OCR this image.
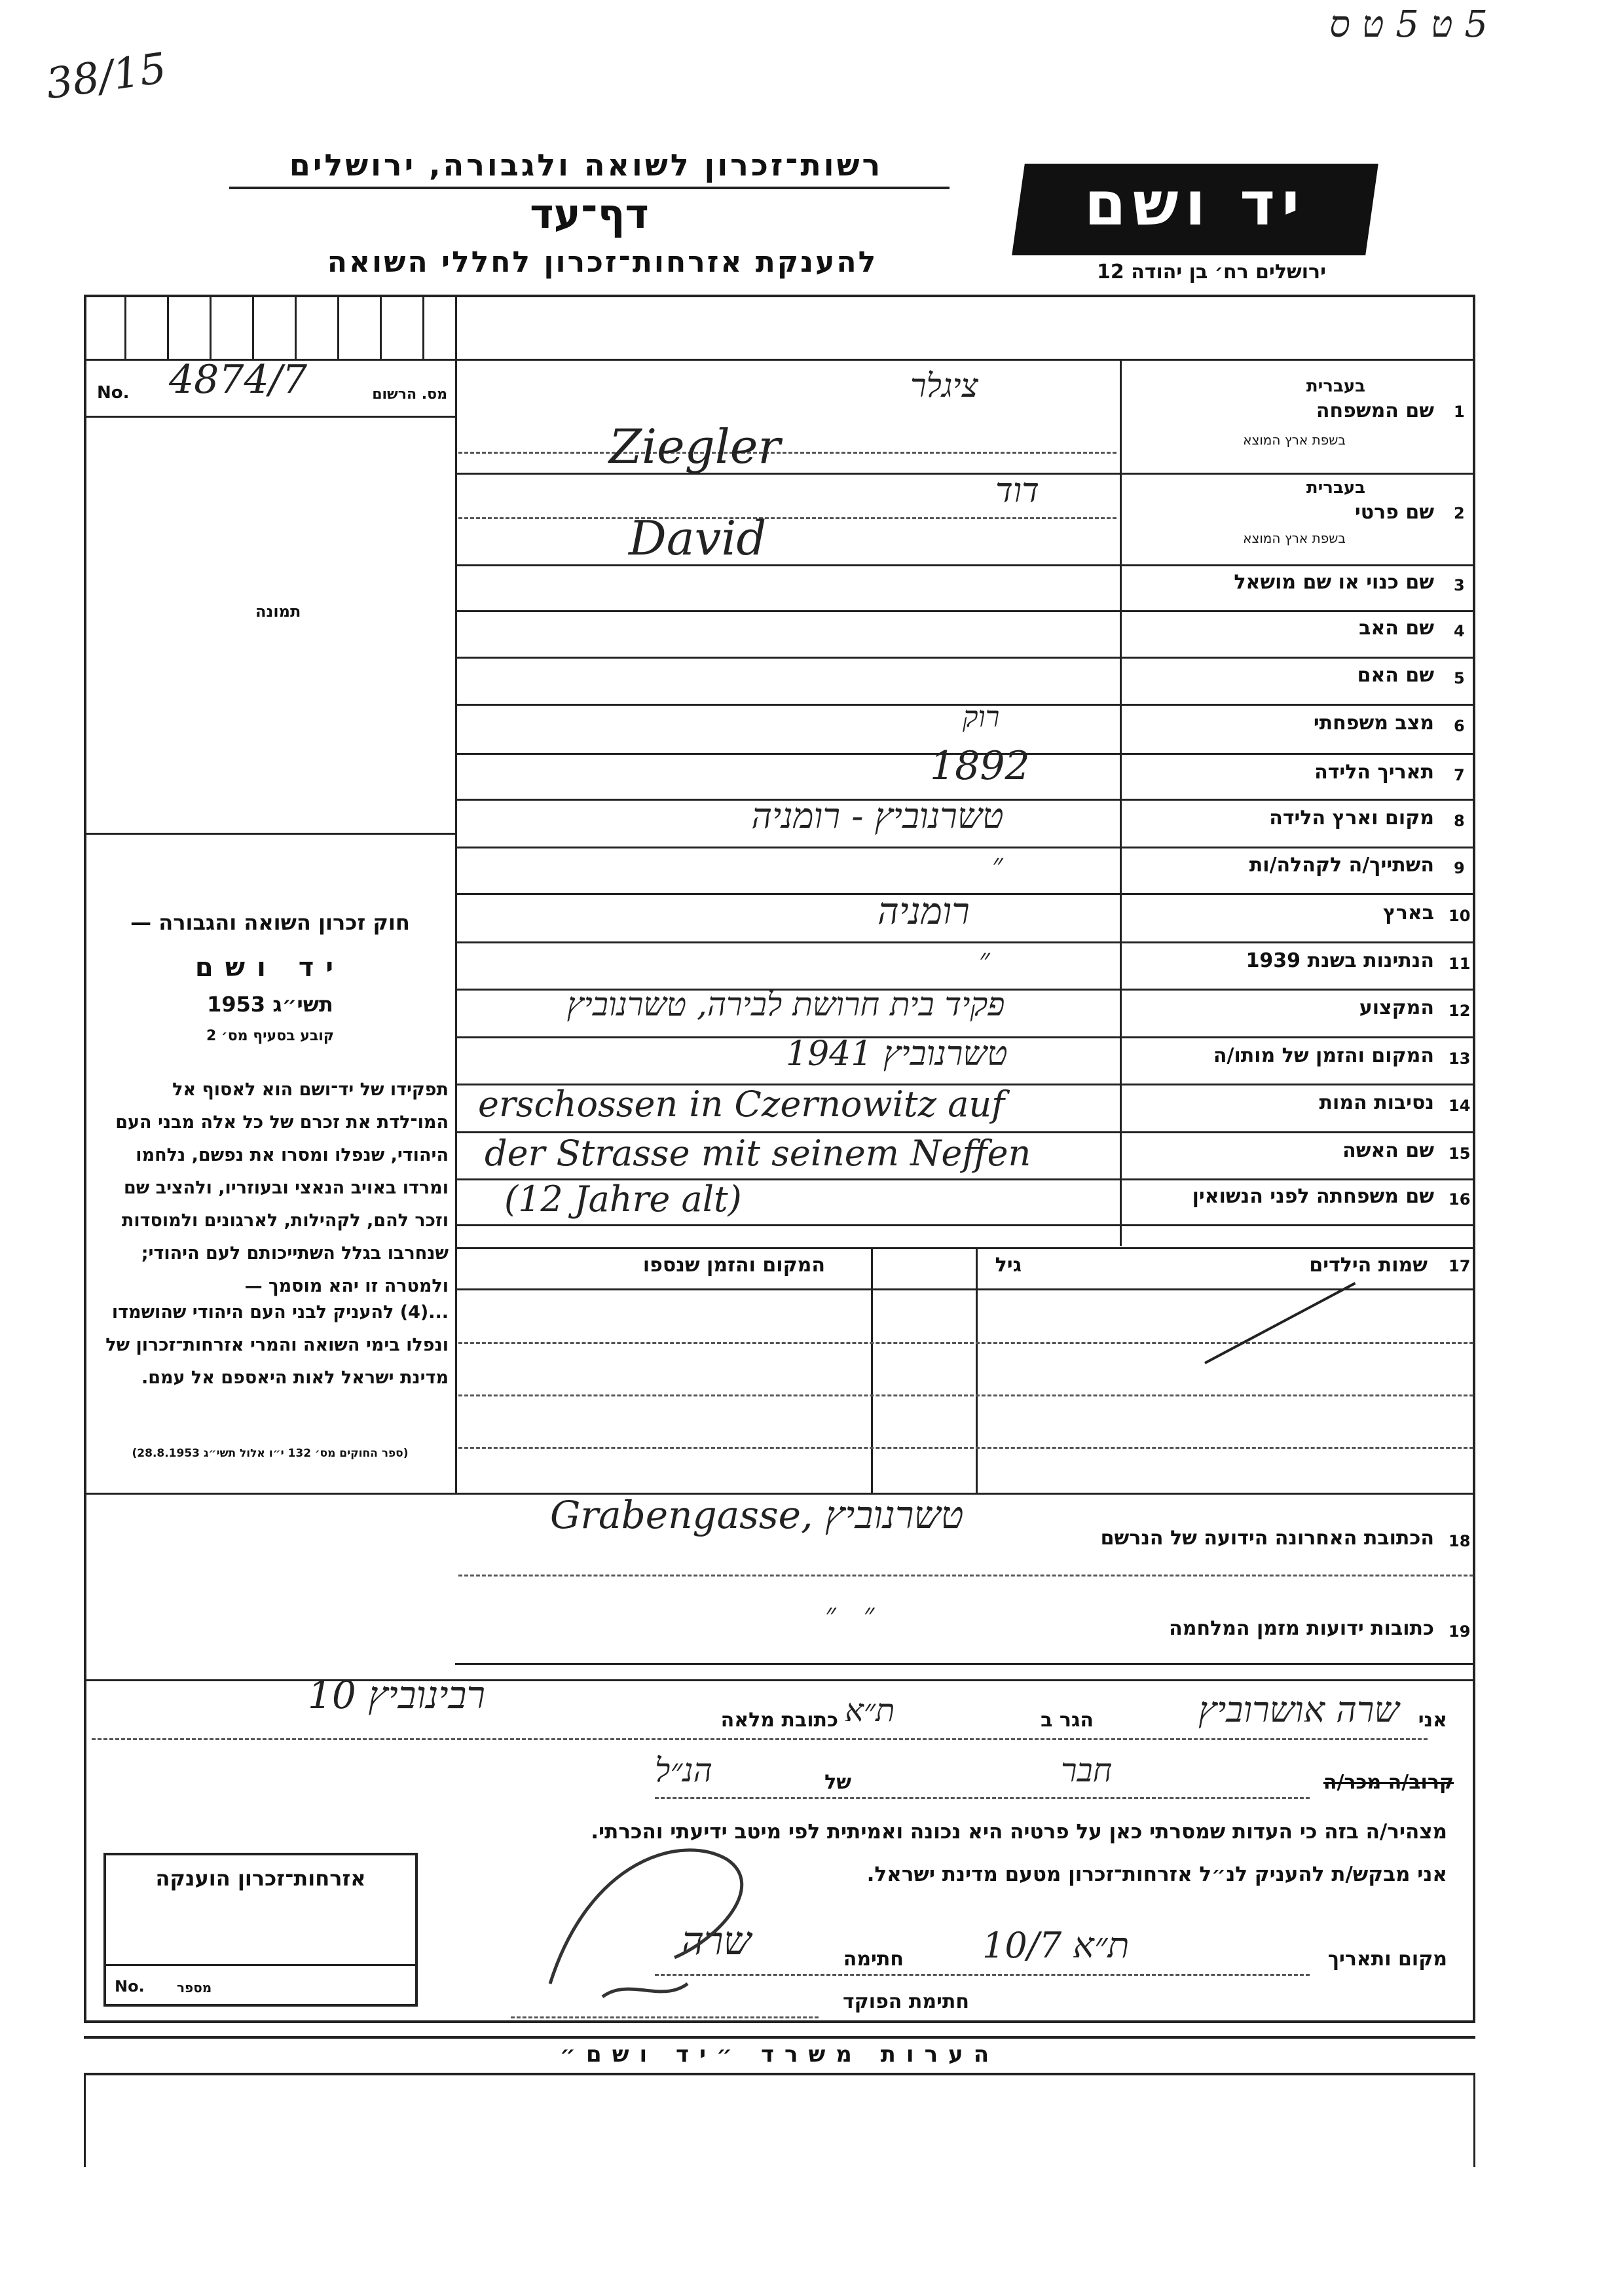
5 ט 5 ט ס
38/15
רשות־זכרון לשואה ולגבורה, ירושלים
דף־עד
להענקת אזרחות־זכרון לחללי השואה
יד ושם
ירושלים רח׳ בן יהודה 12
No. 4874/7	מס. הרשום
תמונה
חוק זכרון השואה והגבורה —
יד ושם
תשי״ג 1953
קובע בסעיף מס׳ 2
תפקידו של יד־ושם הוא לאסוף אל המו־לדת את זכרם של כל אלה מבני העם היהודי, שנפלו ומסרו את נפשם, נלחמו ומרדו באויב הנאצי ובעוזריו, ולהציב שם וזכר להם, לקהילות, לארגונים ולמוסדות שנחרבו בגלל השתייכותם לעם היהודי; ולמטרה זו יהא מוסמך —
...(4) להעניק לבני העם היהודי שהושמדו ונפלו בימי השואה והמרי אזרחות־זכרון של מדינת ישראל לאות היאספם אל עמם.
(ספר החוקים מס׳ 132 י״ו אלול תשי״ג 28.8.1953)
1
שם המשפחה
בעברית
בשפת ארץ המוצא
ציגלר
Ziegler
2
שם פרטי
בעברית
בשפת ארץ המוצא
דוד
David
3
שם כנוי או שם מושאל
4
שם האב
5
שם האם
6
מצב משפחתי
רוק
7
תאריך הלידה
1892
8
מקום וארץ הלידה
טשרנוביץ - רומניה
9
השתייך/ה לקהלה/ות
״
10
בארץ
רומניה
11
הנתינות בשנת 1939
״
12
המקצוע
פקיד בית חרושת לבירה, טשרנוביץ
13
המקום והזמן של מותו/ה
טשרנוביץ 1941
14
נסיבות המות
erschossen in Czernowitz auf
15
שם האשה
der Strasse mit seinem Neffen
16
שם משפחתה לפני הנשואין
(12 Jahre alt)
17
שמות הילדים
גיל
המקום והזמן שנספו
18
הכתובת האחרונה הידועה של הנרשם
Grabengasse, טשרנוביץ
19
כתובות ידועות מזמן המלחמה
״   ״
אני
שרה אושרוביץ
הגר ב
ת״א
כתובת מלאה
רבינוביץ 10
קרוב/ה מכר/ה
חבר
של
הנ״ל
מצהיר/ה בזה כי העדות שמסרתי כאן על פרטיה היא נכונה ואמיתית לפי מיטב ידיעתי והכרתי.
אני מבקש/ת להעניק לנ״ל אזרחות־זכרון מטעם מדינת ישראל.
מקום ותאריך
ת״א 10/7
חתימה
שרה
חתימת הפוקד
אזרחות־זכרון הוענקה
No. מספר
הערות משרד ״יד ושם״
